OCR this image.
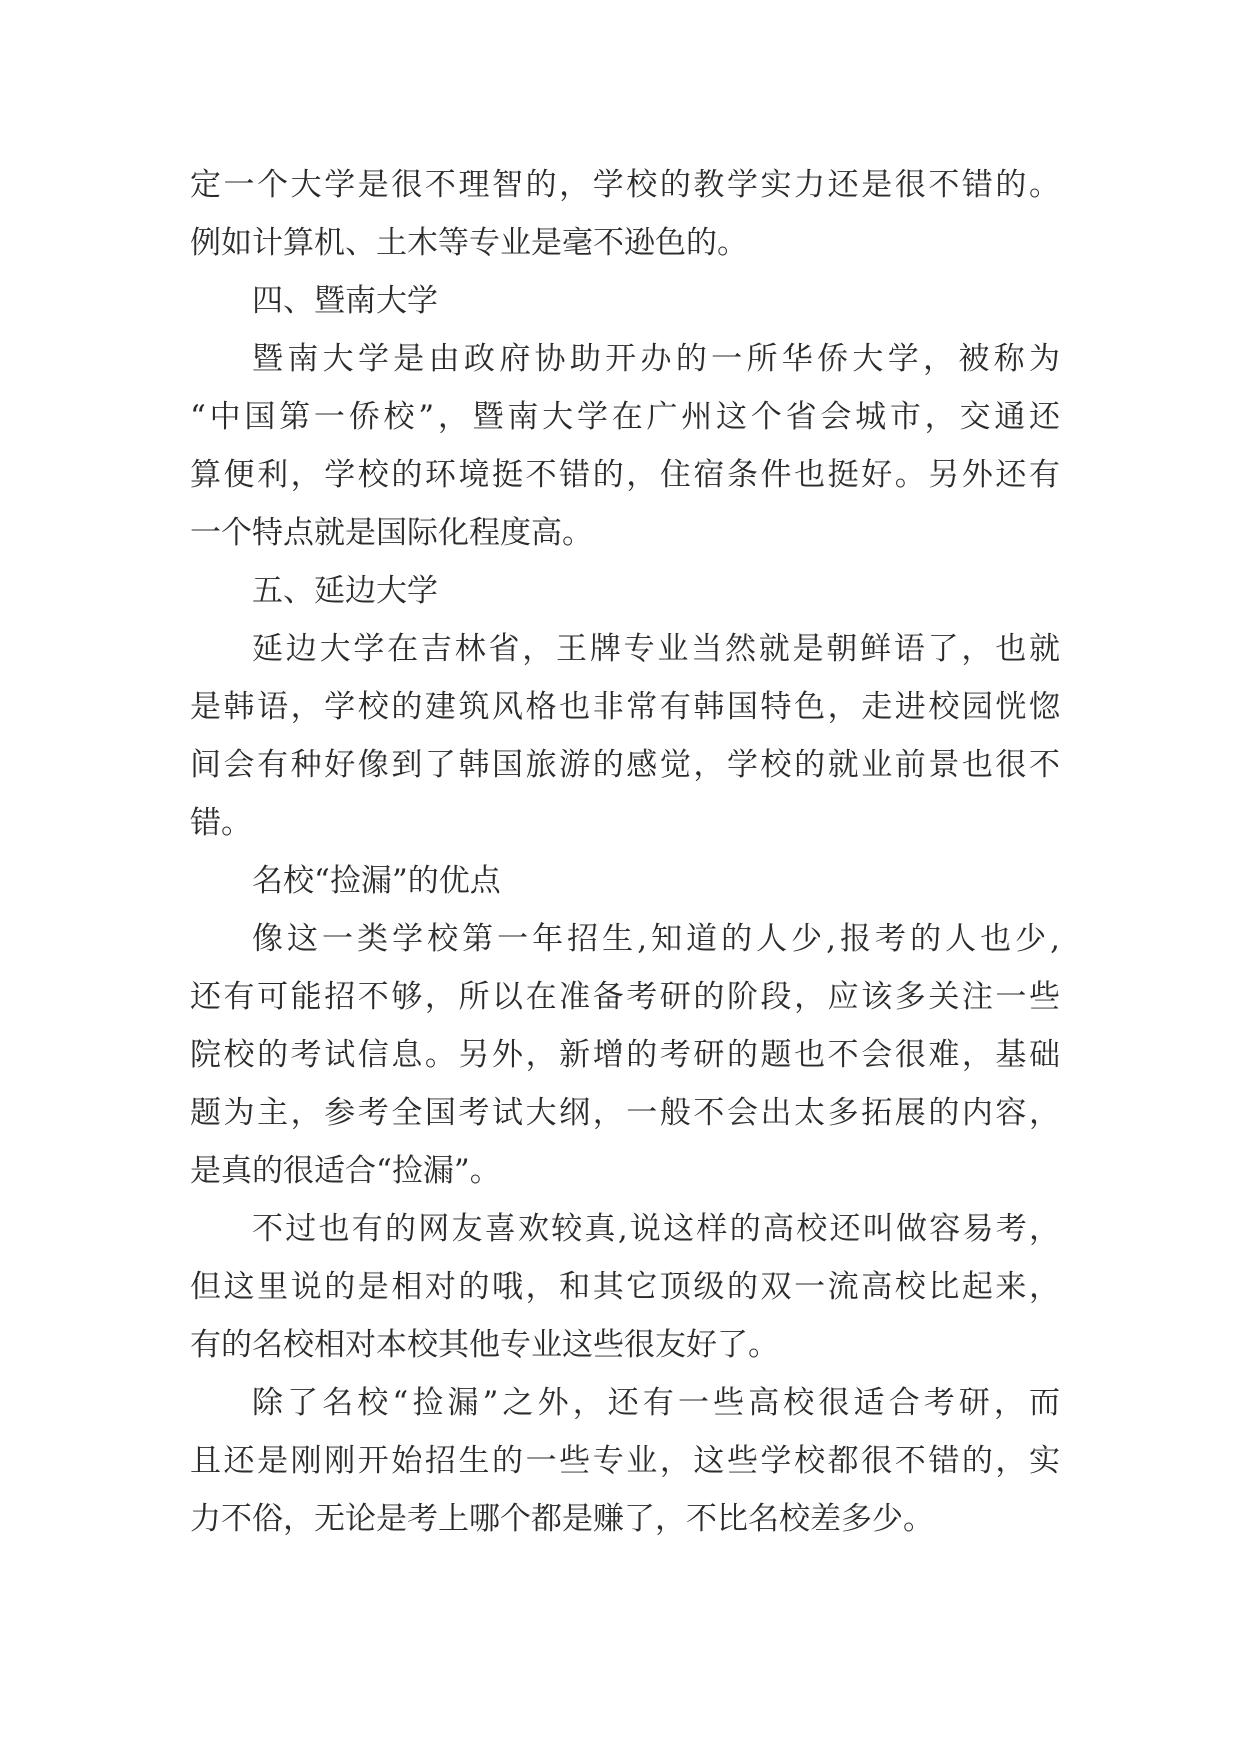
定一个大学是很不理智的，学校的教学实力还是很不错的。
例如计算机、土木等专业是毫不逊色的。
四、暨南大学
暨南大学是由政府协助开办的一所华侨大学，被称为
“中国第一侨校”，暨南大学在广州这个省会城市，交通还
算便利，学校的环境挺不错的，住宿条件也挺好。另外还有
一个特点就是国际化程度高。
五、延边大学
延边大学在吉林省，王牌专业当然就是朝鲜语了，也就
是韩语，学校的建筑风格也非常有韩国特色，走进校园恍惚
间会有种好像到了韩国旅游的感觉，学校的就业前景也很不
错。
名校“捡漏”的优点
像这一类学校第一年招生,知道的人少,报考的人也少,
还有可能招不够，所以在准备考研的阶段，应该多关注一些
院校的考试信息。另外，新增的考研的题也不会很难，基础
题为主，参考全国考试大纲，一般不会出太多拓展的内容，
是真的很适合“捡漏”。
不过也有的网友喜欢较真,说这样的高校还叫做容易考，
但这里说的是相对的哦，和其它顶级的双一流高校比起来，
有的名校相对本校其他专业这些很友好了。
除了名校“捡漏”之外，还有一些高校很适合考研，而
且还是刚刚开始招生的一些专业，这些学校都很不错的，实
力不俗，无论是考上哪个都是赚了，不比名校差多少。
